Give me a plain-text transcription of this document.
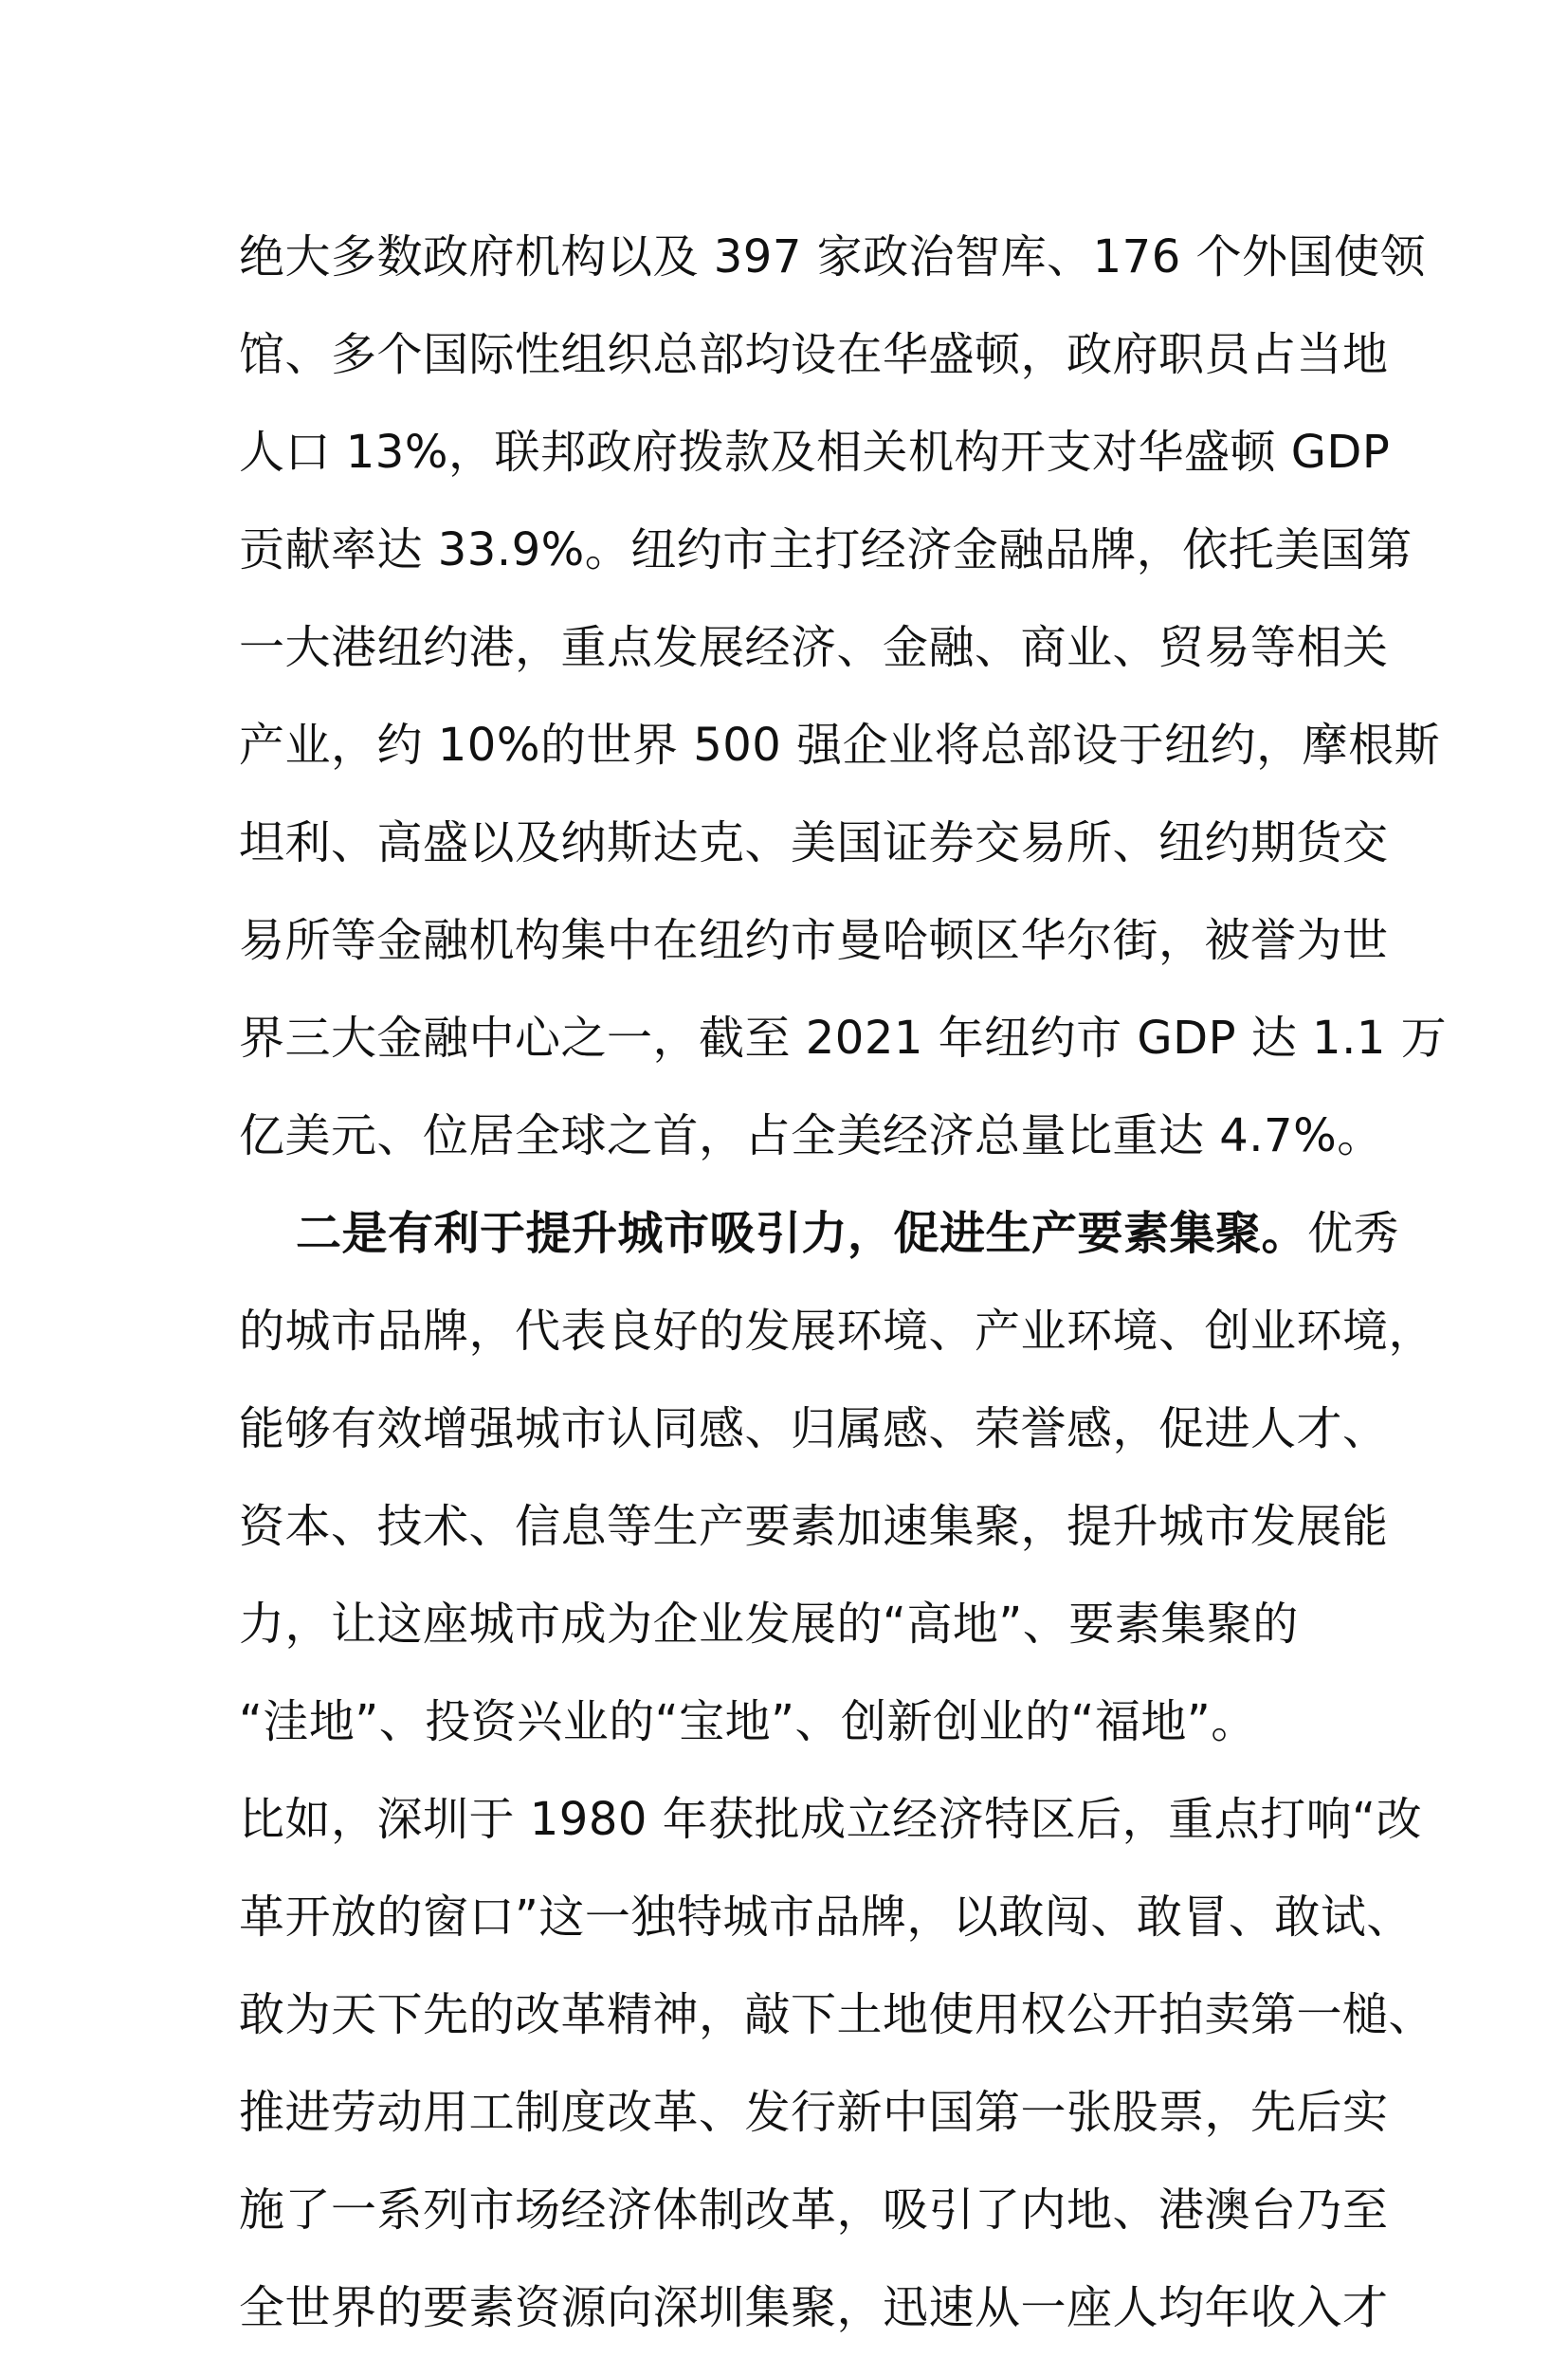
绝大多数政府机构以及 397 家政治智库、176 个外国使领
馆、多个国际性组织总部均设在华盛顿，政府职员占当地
人口 13%，联邦政府拨款及相关机构开支对华盛顿 GDP
贡献率达 33.9%。纽约市主打经济金融品牌，依托美国第
一大港纽约港，重点发展经济、金融、商业、贸易等相关
产业，约 10%的世界 500 强企业将总部设于纽约，摩根斯
坦利、高盛以及纳斯达克、美国证券交易所、纽约期货交
易所等金融机构集中在纽约市曼哈顿区华尔街，被誉为世
界三大金融中心之一，截至 2021 年纽约市 GDP 达 1.1 万
亿美元、位居全球之首，占全美经济总量比重达 4.7%。
二是有利于提升城市吸引力，促进生产要素集聚。优秀
的城市品牌，代表良好的发展环境、产业环境、创业环境，
能够有效增强城市认同感、归属感、荣誉感，促进人才、
资本、技术、信息等生产要素加速集聚，提升城市发展能
力，让这座城市成为企业发展的“高地”、要素集聚的
“洼地”、投资兴业的“宝地”、创新创业的“福地”。
比如，深圳于 1980 年获批成立经济特区后，重点打响“改
革开放的窗口”这一独特城市品牌，以敢闯、敢冒、敢试、
敢为天下先的改革精神，敲下土地使用权公开拍卖第一槌、
推进劳动用工制度改革、发行新中国第一张股票，先后实
施了一系列市场经济体制改革，吸引了内地、港澳台乃至
全世界的要素资源向深圳集聚，迅速从一座人均年收入才
